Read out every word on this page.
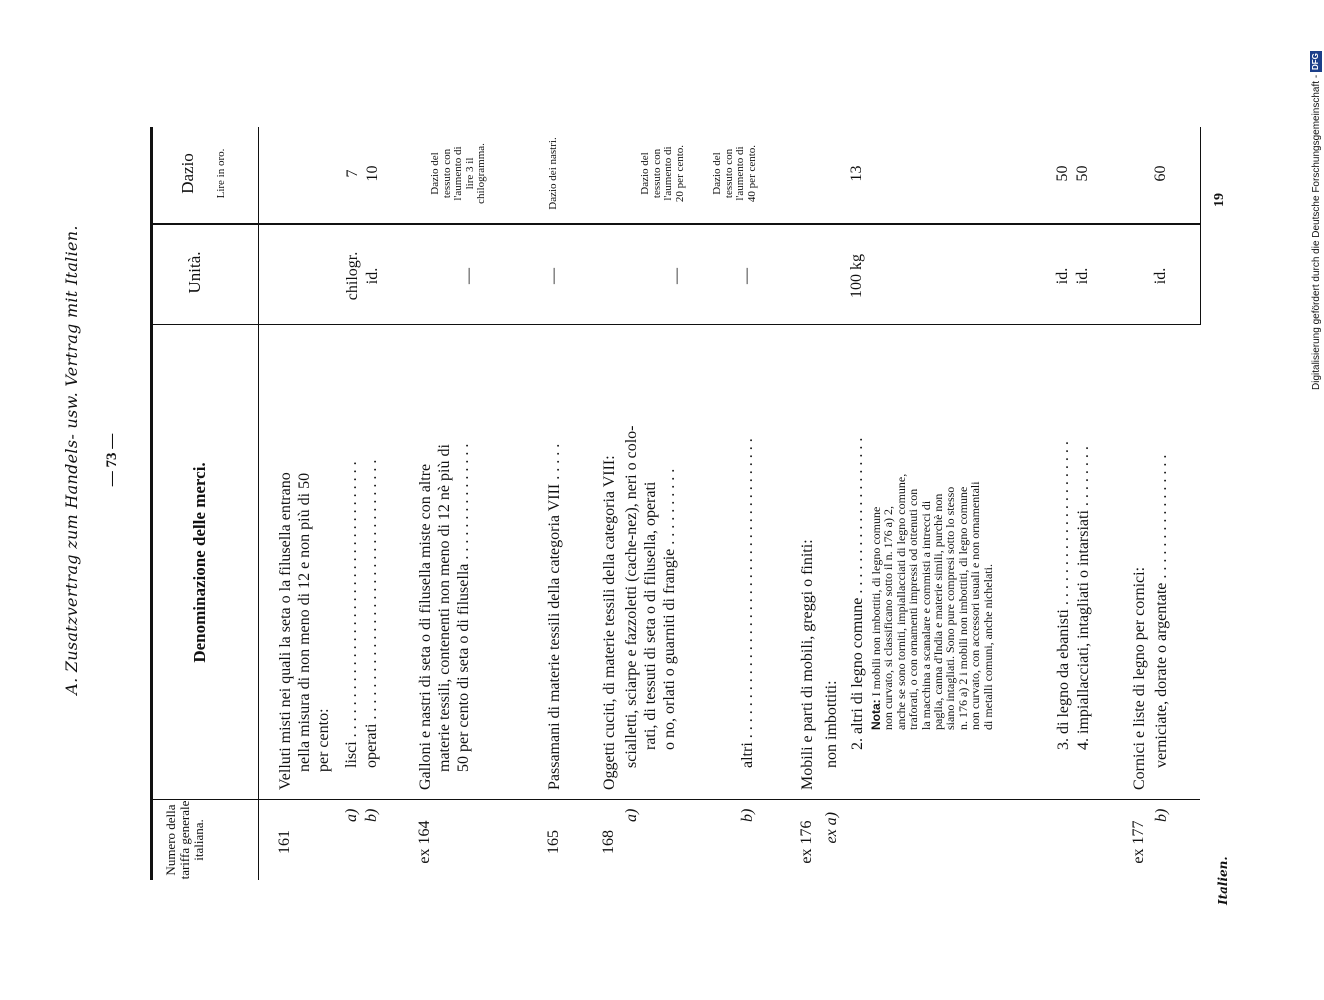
A. Zusatzvertrag zum Handels- usw. Vertrag mit Italien. — 73 —
Numero della tariffa generale italiana.
Denominazione delle merci.
Unità.
Dazio Lire in oro.
161
Velluti misti nei quali la seta o la filusella entrano nella misura di non meno di 12 e non più di 50 per cento:
a)
lisci . . . . . . . . . . . . . . . . . . . . . . . . . . . . . . . . . . .
chilogr.
7
b)
operati . . . . . . . . . . . . . . . . . . . . . . . . . . . . . . . . .
id.
10
ex 164
Galloni e nastri di seta o di filusella miste con altre materie tessili, contenenti non meno di 12 nè più di 50 per cento di seta o di filusella . . . . . . . . . . . . . . .
—
Dazio del tessuto con l'aumento di lire 3 il chilogramma.
165
Passamani di materie tessili della categoria VIII . . . . .
—
Dazio dei nastri.
168
Oggetti cuciti, di materie tessili della categoria VIII:
a)
scialletti, sciarpe e fazzoletti (cache-nez), neri o colo- rati, di tessuti di seta o di filusella, operati o no, orlati o guarniti di frangie . . . . . . . . . .
—
Dazio del tessuto con l'aumento di 20 per cento.
b)
altri . . . . . . . . . . . . . . . . . . . . . . . . . . . . . . . . . . . . . .
—
Dazio del tessuto con l'aumento di 40 per cento.
ex 176
Mobili e parti di mobili, greggi o finiti:
ex a)
non imbottiti: 2. altri di legno comune . . . . . . . . . . . . . . . . . . . .
100 kg
13
Nota: I mobili non imbottiti, di legno comune
non curvato, si classificano sotto il n. 176 a) 2,
anche se sono torniti, impiallacciati di legno comune,
traforati, o con ornamenti impressi od ottenuti con
la macchina a scanalare e commisti a intrecci di
paglia, canna d'India e materie simili, purchè non
siano intagliati. Sono pure compresi sotto lo stesso
n. 176 a) 2 i mobili non imbottiti, di legno comune
non curvato, con accessori usuali e non ornamentali
di metalli comuni, anche nichelati.	3. di legno da ebanisti . . . . . . . . . . . . . . . . . . . . .
id.
50
4. impiallacciati, intagliati o intarsiati . . . . . . . .
id.
50
ex 177
Cornici e liste di legno per cornici:
b)
verniciate, dorate o argentate . . . . . . . . . . . . . . . .
id.
60
Italien.
19	Digitalisierung gefördert durch die Deutsche Forschungsgemeinschaft - DFG
